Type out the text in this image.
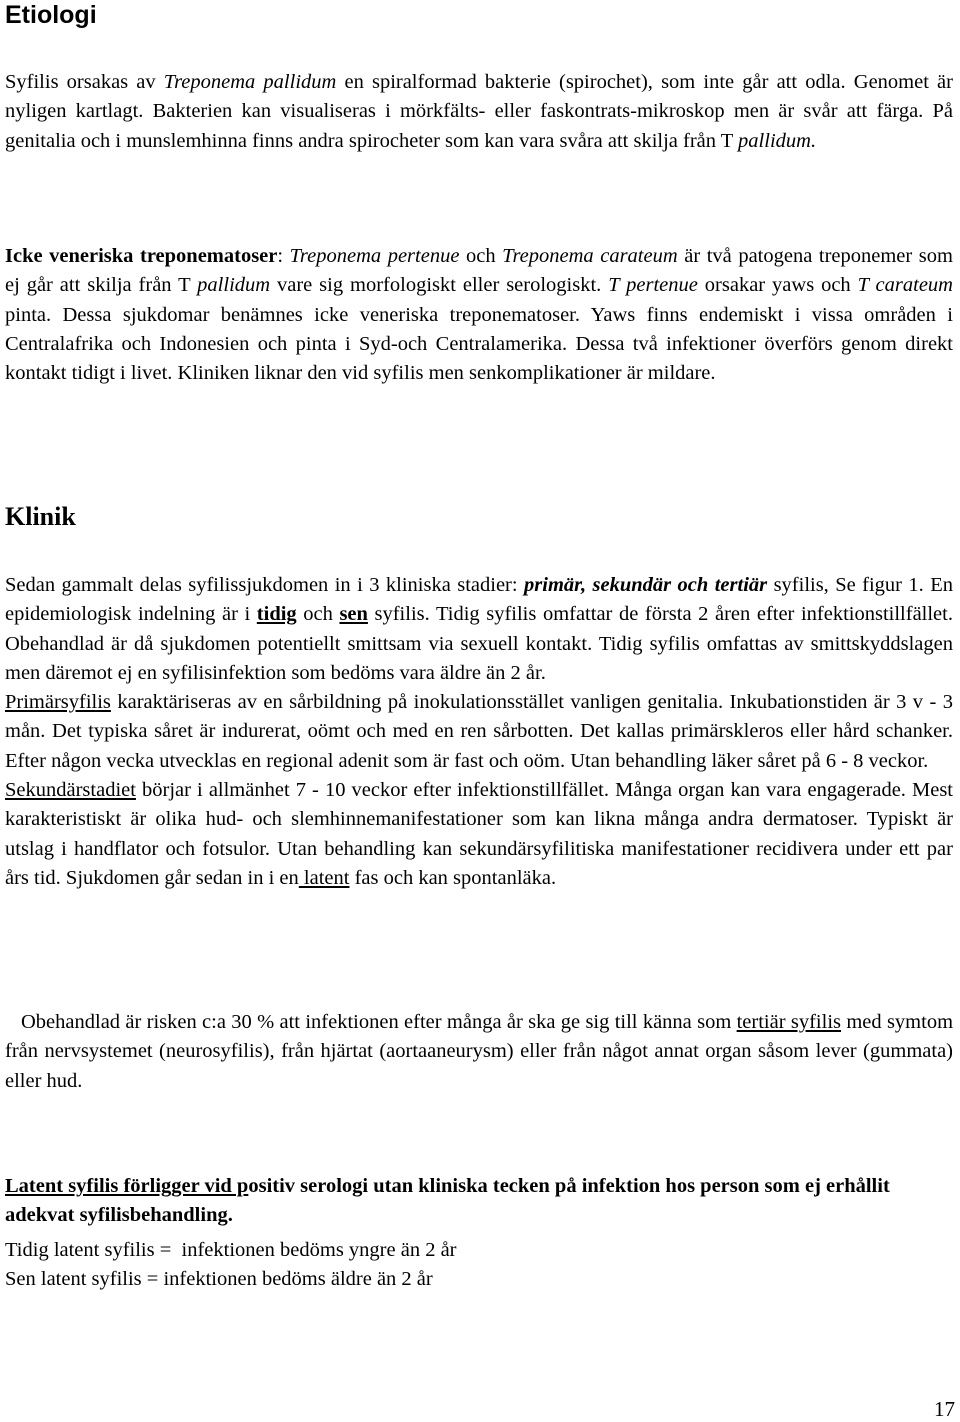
Etiologi

Syfilis orsakas av Treponema pallidum en spiralformad bakterie (spirochet), som inte går att odla. Genomet är nyligen kartlagt. Bakterien kan visualiseras i mörkfälts- eller faskontrats-mikroskop men är svår att färga. På genitalia och i munslemhinna finns andra spirocheter som kan vara svåra att skilja från T pallidum.

Icke veneriska treponematoser: Treponema pertenue och Treponema carateum är två patogena treponemer som ej går att skilja från T pallidum vare sig morfologiskt eller serologiskt. T pertenue orsakar yaws och T carateum pinta. Dessa sjukdomar benämnes icke veneriska treponematoser. Yaws finns endemiskt i vissa områden i Centralafrika och Indonesien och pinta i Syd-och Centralamerika. Dessa två infektioner överförs genom direkt kontakt tidigt i livet. Kliniken liknar den vid syfilis men senkomplikationer är mildare.

Klinik

Sedan gammalt delas syfilissjukdomen in i 3 kliniska stadier: primär, sekundär och tertiär syfilis, Se figur 1. En epidemiologisk indelning är i tidig och sen syfilis. Tidig syfilis omfattar de första 2 åren efter infektionstillfället. Obehandlad är då sjukdomen potentiellt smittsam via sexuell kontakt. Tidig syfilis omfattas av smittskyddslagen men däremot ej en syfilisinfektion som bedöms vara äldre än 2 år.

Primärsyfilis karaktäriseras av en sårbildning på inokulationsstället vanligen genitalia. Inkubationstiden är 3 v - 3 mån. Det typiska såret är indurerat, oömt och med en ren sårbotten. Det kallas primärskleros eller hård schanker. Efter någon vecka utvecklas en regional adenit som är fast och oöm. Utan behandling läker såret på 6 - 8 veckor.

Sekundärstadiet börjar i allmänhet 7 - 10 veckor efter infektionstillfället. Många organ kan vara engagerade. Mest karakteristiskt är olika hud- och slemhinnemanifestationer som kan likna många andra dermatoser. Typiskt är utslag i handflator och fotsulor. Utan behandling kan sekundärsyfilitiska manifestationer recidivera under ett par års tid. Sjukdomen går sedan in i en latent fas och kan spontanläka.

Obehandlad är risken c:a 30 % att infektionen efter många år ska ge sig till känna som tertiär syfilis med symtom från nervsystemet (neurosyfilis), från hjärtat (aortaaneurysm) eller från något annat organ såsom lever (gummata) eller hud.

Latent syfilis förligger vid positiv serologi utan kliniska tecken på infektion hos person som ej erhållit adekvat syfilisbehandling.

Tidig latent syfilis =  infektionen bedöms yngre än 2 år

Sen latent syfilis = infektionen bedöms äldre än 2 år

17
